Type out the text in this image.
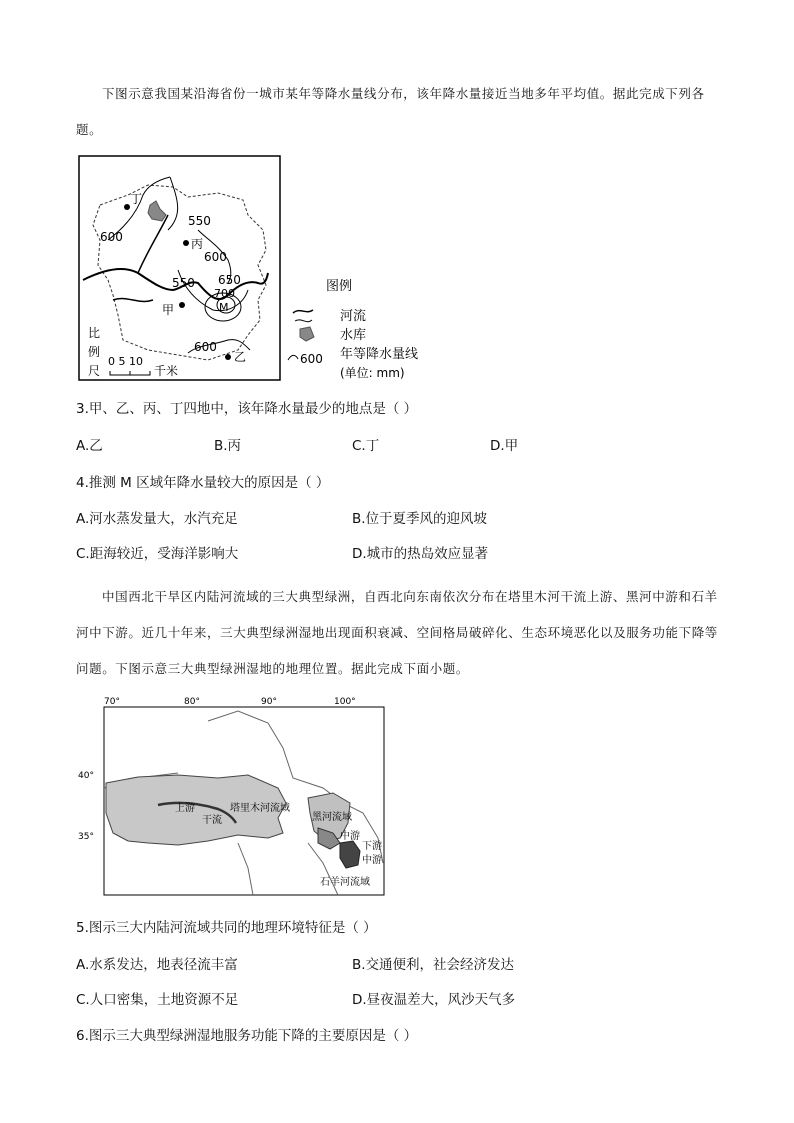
下图示意我国某沿海省份一城市某年等降水量线分布，该年降水量接近当地多年平均值。据此完成下列各题。
丁
丙
甲
乙
M
600
550
600
550 650
700
600
比
例
尺
0 5 10
千米
图例
河流
水库
600 年等降水量线
(单位: mm)
3.甲、乙、丙、丁四地中，该年降水量最少的地点是（ ）
A.乙	B.丙	C.丁	D.甲
4.推测 M 区域年降水量较大的原因是（ ）
A.河水蒸发量大，水汽充足	B.位于夏季风的迎风坡
C.距海较近，受海洋影响大	D.城市的热岛效应显著
中国西北干旱区内陆河流域的三大典型绿洲，自西北向东南依次分布在塔里木河干流上游、黑河中游和石羊河中下游。近几十年来，三大典型绿洲湿地出现面积衰减、空间格局破碎化、生态环境恶化以及服务功能下降等问题。下图示意三大典型绿洲湿地的地理位置。据此完成下面小题。
70°	80°	90°	100°
40°
35°
上游
干流
塔里木河流域
黑河流域
中游
下游
中游
石羊河流域
5.图示三大内陆河流域共同的地理环境特征是（ ）
A.水系发达，地表径流丰富	B.交通便利，社会经济发达
C.人口密集，土地资源不足	D.昼夜温差大，风沙天气多
6.图示三大典型绿洲湿地服务功能下降的主要原因是（ ）
